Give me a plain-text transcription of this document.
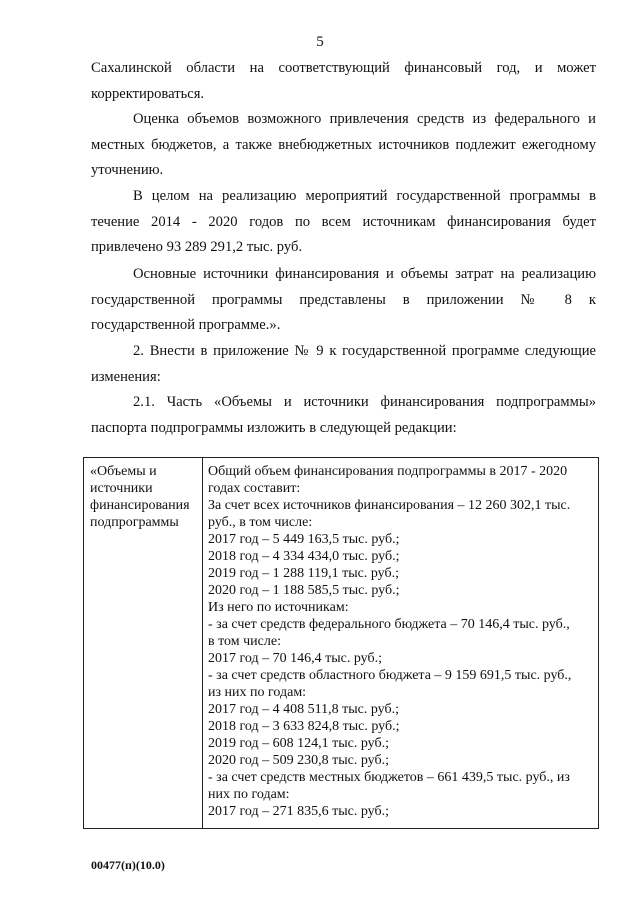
5

Сахалинской области на соответствующий финансовый год, и может корректироваться.

Оценка объемов возможного привлечения средств из федерального и местных бюджетов, а также внебюджетных источников подлежит ежегодному уточнению.

В целом на реализацию мероприятий государственной программы в течение 2014 - 2020 годов по всем источникам финансирования будет привлечено 93 289 291,2 тыс. руб.

Основные источники финансирования и объемы затрат на реализацию государственной программы представлены в приложении № 8 к государственной программе.».

2. Внести в приложение № 9 к государственной программе следующие изменения:

2.1. Часть «Объемы и источники финансирования подпрограммы» паспорта подпрограммы изложить в следующей редакции:

«Объемы и
источники
финансирования
подпрограммы
Общий объем финансирования подпрограммы в 2017 - 2020
годах составит:
За счет всех источников финансирования – 12 260 302,1 тыс.
руб., в том числе:
2017 год – 5 449 163,5 тыс. руб.;
2018 год – 4 334 434,0 тыс. руб.;
2019 год – 1 288 119,1 тыс. руб.;
2020 год – 1 188 585,5 тыс. руб.;
Из него по источникам:
- за счет средств федерального бюджета – 70 146,4 тыс. руб.,
в том числе:
2017 год – 70 146,4 тыс. руб.;
- за счет средств областного бюджета – 9 159 691,5 тыс. руб.,
из них по годам:
2017 год – 4 408 511,8 тыс. руб.;
2018 год – 3 633 824,8 тыс. руб.;
2019 год – 608 124,1 тыс. руб.;
2020 год – 509 230,8 тыс. руб.;
- за счет средств местных бюджетов – 661 439,5 тыс. руб., из
них по годам:
2017 год – 271 835,6 тыс. руб.;
00477(п)(10.0)
